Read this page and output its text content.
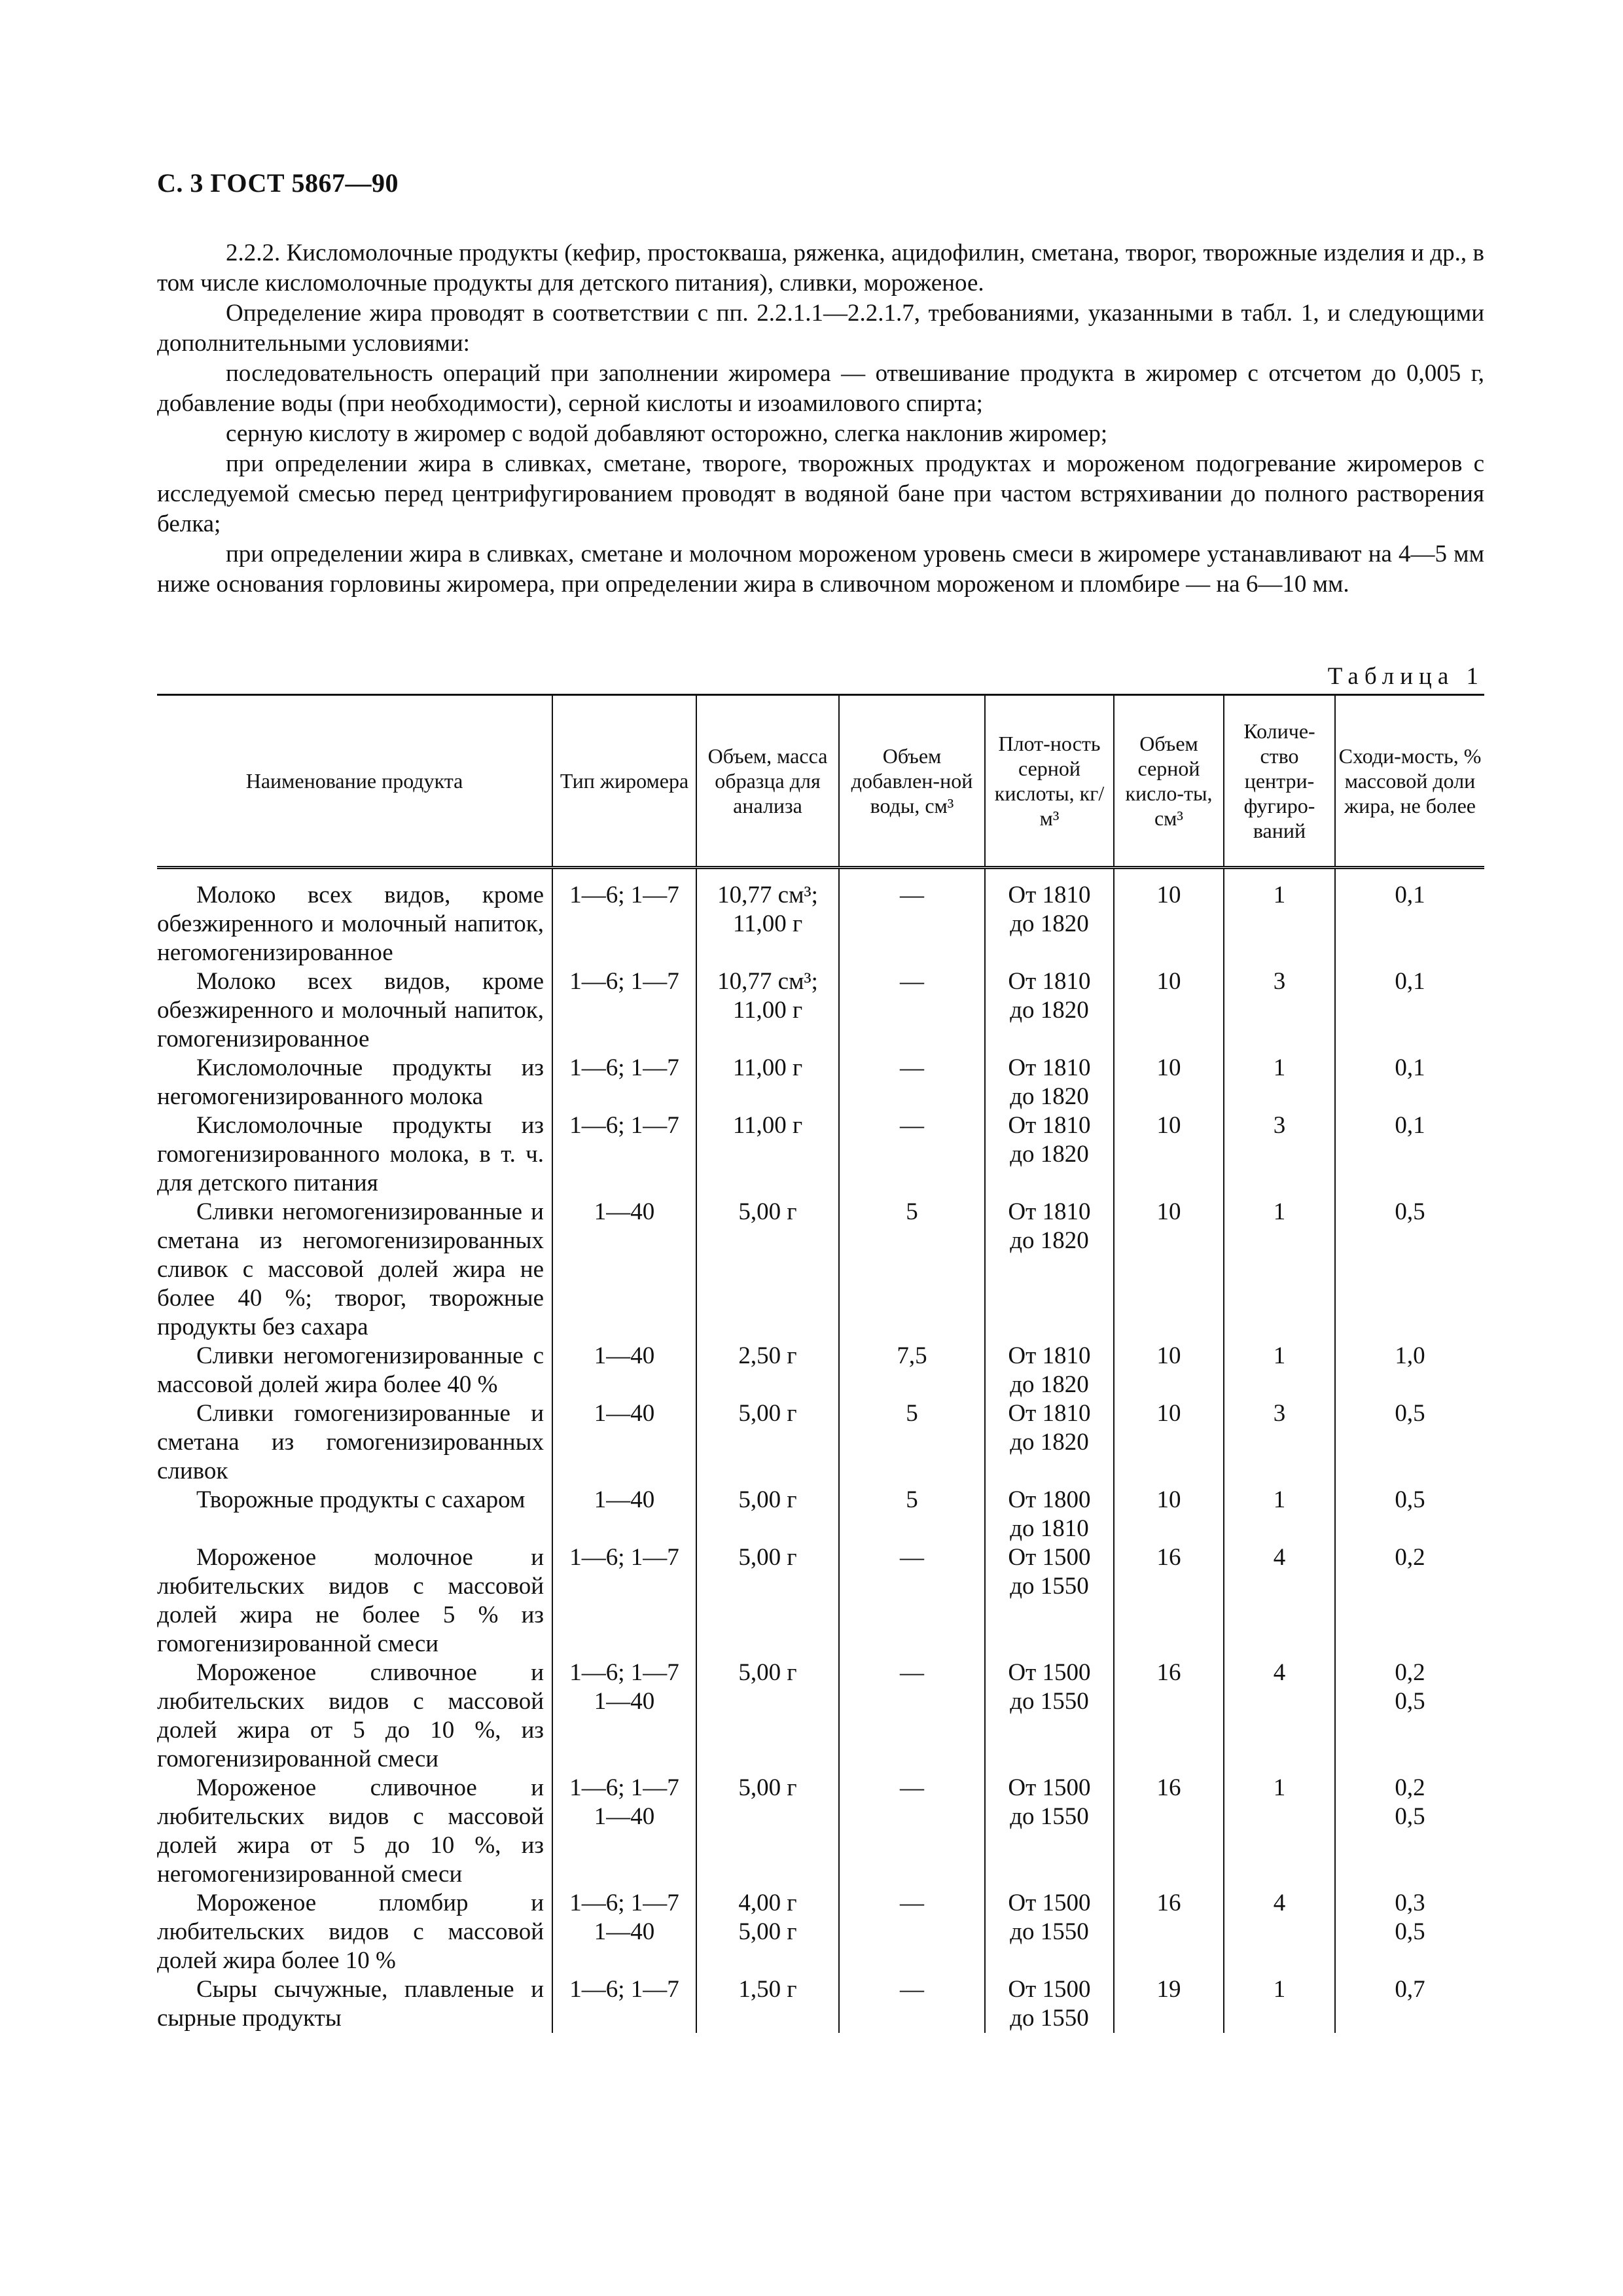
С. 3 ГОСТ 5867—90

2.2.2. Кисломолочные продукты (кефир, простокваша, ряженка, ацидофилин, сметана, творог, творожные изделия и др., в том числе кисломолочные продукты для детского питания), сливки, мороженое.

Определение жира проводят в соответствии с пп. 2.2.1.1—2.2.1.7, требованиями, указанными в табл. 1, и следующими дополнительными условиями:

последовательность операций при заполнении жиромера — отвешивание продукта в жиромер с отсчетом до 0,005 г, добавление воды (при необходимости), серной кислоты и изоамилового спирта;

серную кислоту в жиромер с водой добавляют осторожно, слегка наклонив жиромер;

при определении жира в сливках, сметане, твороге, творожных продуктах и мороженом подогревание жиромеров с исследуемой смесью перед центрифугированием проводят в водяной бане при частом встряхивании до полного растворения белка;

при определении жира в сливках, сметане и молочном мороженом уровень смеси в жиромере устанавливают на 4—5 мм ниже основания горловины жиромера, при определении жира в сливочном мороженом и пломбире — на 6—10 мм.

Таблица 1
Наименование продукта	Тип жиромера	Объем, масса образца для анализа	Объем добавлен-ной воды, см³	Плот-ность серной кислоты, кг/м³	Объем серной кисло-ты, см³	Количе-ство центри-фугиро-ваний	Сходи-мость, % массовой доли жира, не более

Молоко всех видов, кроме обезжиренного и молочный напиток, негомогенизированное	1—6; 1—7	10,77 см³;
11,00 г	—	От 1810
до 1820	10	1	0,1

Молоко всех видов, кроме обезжиренного и молочный напиток, гомогенизированное	1—6; 1—7	10,77 см³;
11,00 г	—	От 1810
до 1820	10	3	0,1

Кисломолочные продукты из негомогенизированного молока	1—6; 1—7	11,00 г	—	От 1810
до 1820	10	1	0,1

Кисломолочные продукты из гомогенизированного молока, в т. ч. для детского питания	1—6; 1—7	11,00 г	—	От 1810
до 1820	10	3	0,1

Сливки негомогенизированные и сметана из негомогенизированных сливок с массовой долей жира не более 40 %; творог, творожные продукты без сахара	1—40	5,00 г	5	От 1810
до 1820	10	1	0,5

Сливки негомогенизированные с массовой долей жира более 40 %	1—40	2,50 г	7,5	От 1810
до 1820	10	1	1,0

Сливки гомогенизированные и сметана из гомогенизированных сливок	1—40	5,00 г	5	От 1810
до 1820	10	3	0,5

Творожные продукты с сахаром	1—40	5,00 г	5	От 1800
до 1810	10	1	0,5

Мороженое молочное и любительских видов с массовой долей жира не более 5 % из гомогенизированной смеси	1—6; 1—7	5,00 г	—	От 1500
до 1550	16	4	0,2

Мороженое сливочное и любительских видов с массовой долей жира от 5 до 10 %, из гомогенизированной смеси	1—6; 1—7
1—40	5,00 г	—	От 1500
до 1550	16	4	0,2
0,5

Мороженое сливочное и любительских видов с массовой долей жира от 5 до 10 %, из негомогенизированной смеси	1—6; 1—7
1—40	5,00 г	—	От 1500
до 1550	16	1	0,2
0,5

Мороженое пломбир и любительских видов с массовой долей жира более 10 %	1—6; 1—7
1—40	4,00 г
5,00 г	—	От 1500
до 1550	16	4	0,3
0,5

Сыры сычужные, плавленые и сырные продукты	1—6; 1—7	1,50 г	—	От 1500
до 1550	19	1	0,7
